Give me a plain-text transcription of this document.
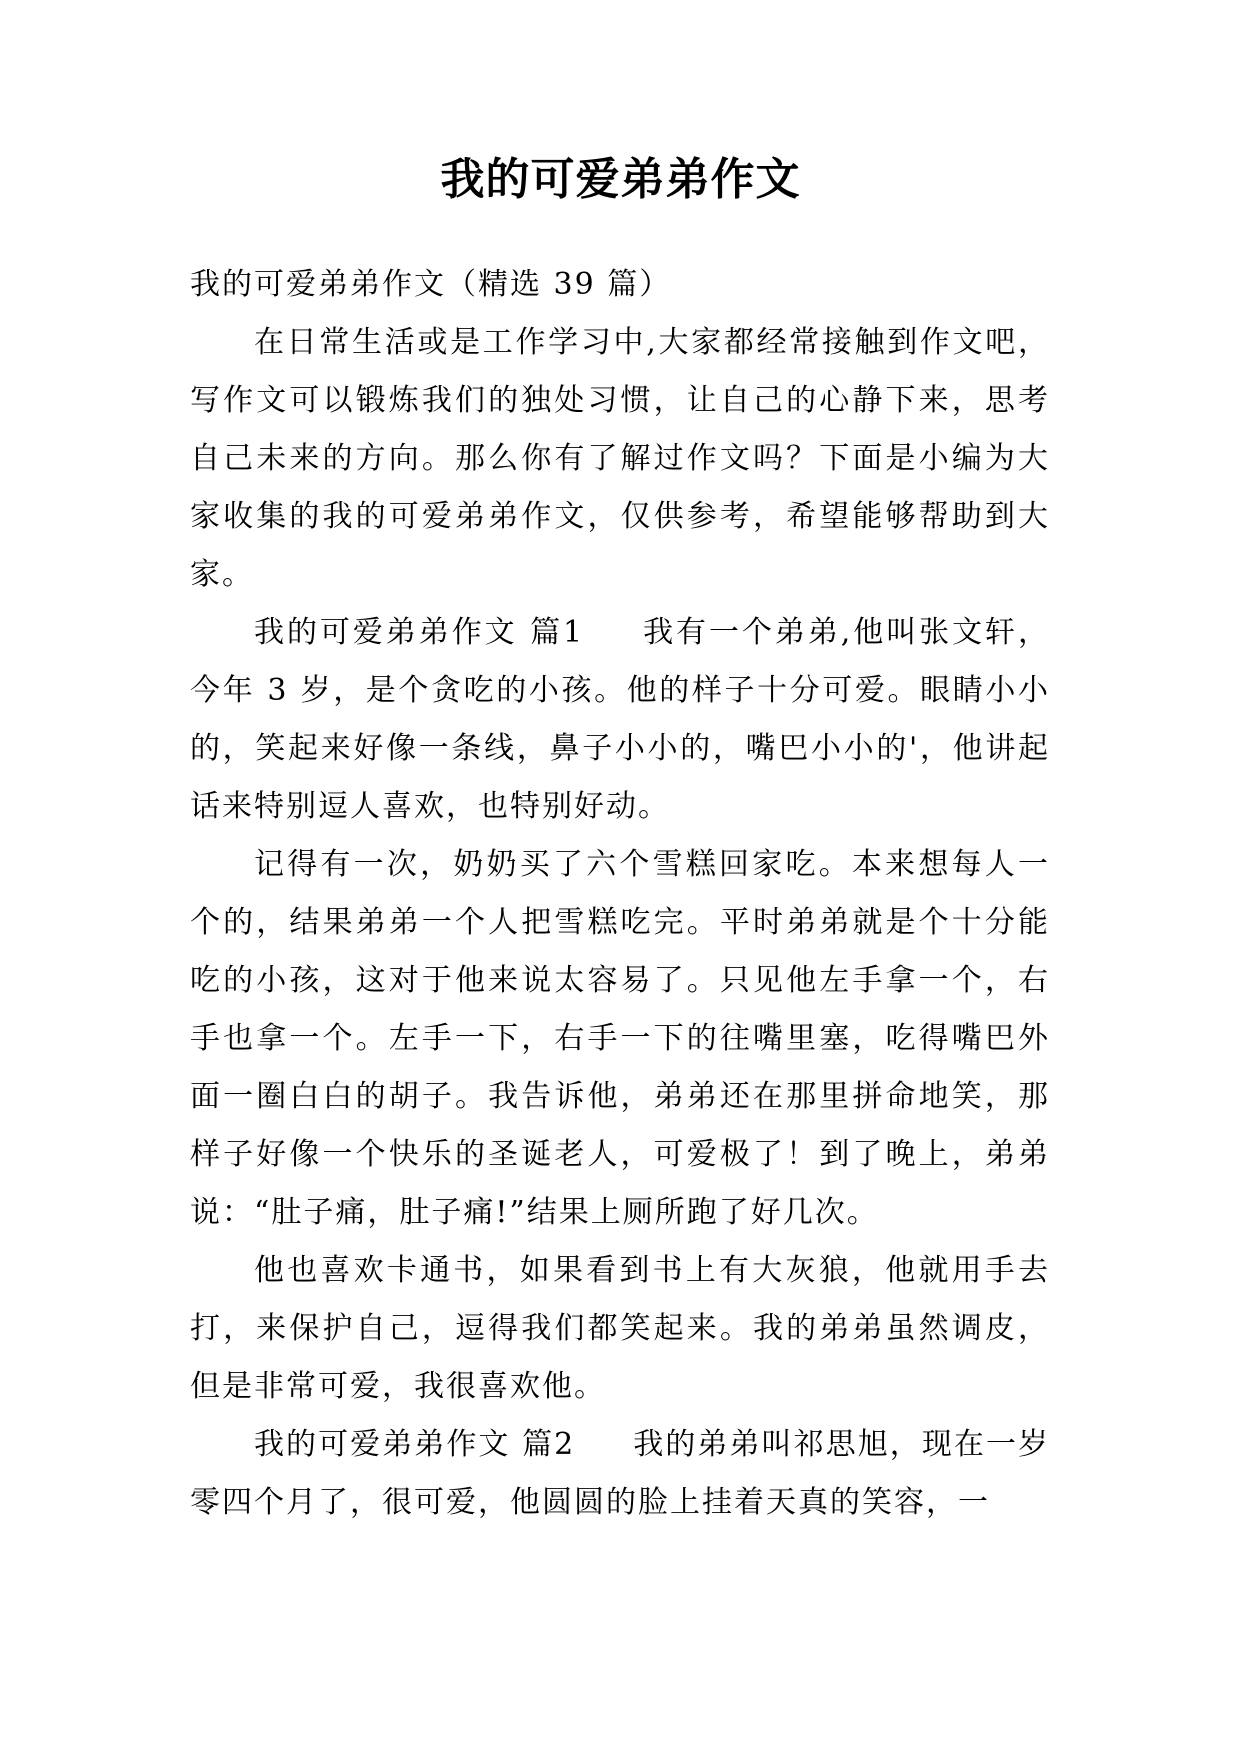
我的可爱弟弟作文

我的可爱弟弟作文（精选 39 篇）

在日常生活或是工作学习中,大家都经常接触到作文吧，写作文可以锻炼我们的独处习惯，让自己的心静下来，思考自己未来的方向。那么你有了解过作文吗？下面是小编为大家收集的我的可爱弟弟作文，仅供参考，希望能够帮助到大家。

我的可爱弟弟作文 篇1 我有一个弟弟,他叫张文轩，今年 3 岁，是个贪吃的小孩。他的样子十分可爱。眼睛小小的，笑起来好像一条线，鼻子小小的，嘴巴小小的'，他讲起话来特别逗人喜欢，也特别好动。

记得有一次，奶奶买了六个雪糕回家吃。本来想每人一个的，结果弟弟一个人把雪糕吃完。平时弟弟就是个十分能吃的小孩，这对于他来说太容易了。只见他左手拿一个，右手也拿一个。左手一下，右手一下的往嘴里塞，吃得嘴巴外面一圈白白的胡子。我告诉他，弟弟还在那里拼命地笑，那样子好像一个快乐的圣诞老人，可爱极了！到了晚上，弟弟说：“肚子痛，肚子痛!”结果上厕所跑了好几次。

他也喜欢卡通书，如果看到书上有大灰狼，他就用手去打，来保护自己，逗得我们都笑起来。我的弟弟虽然调皮，但是非常可爱，我很喜欢他。

我的可爱弟弟作文 篇2 我的弟弟叫祁思旭，现在一岁零四个月了，很可爱，他圆圆的脸上挂着天真的笑容，一
